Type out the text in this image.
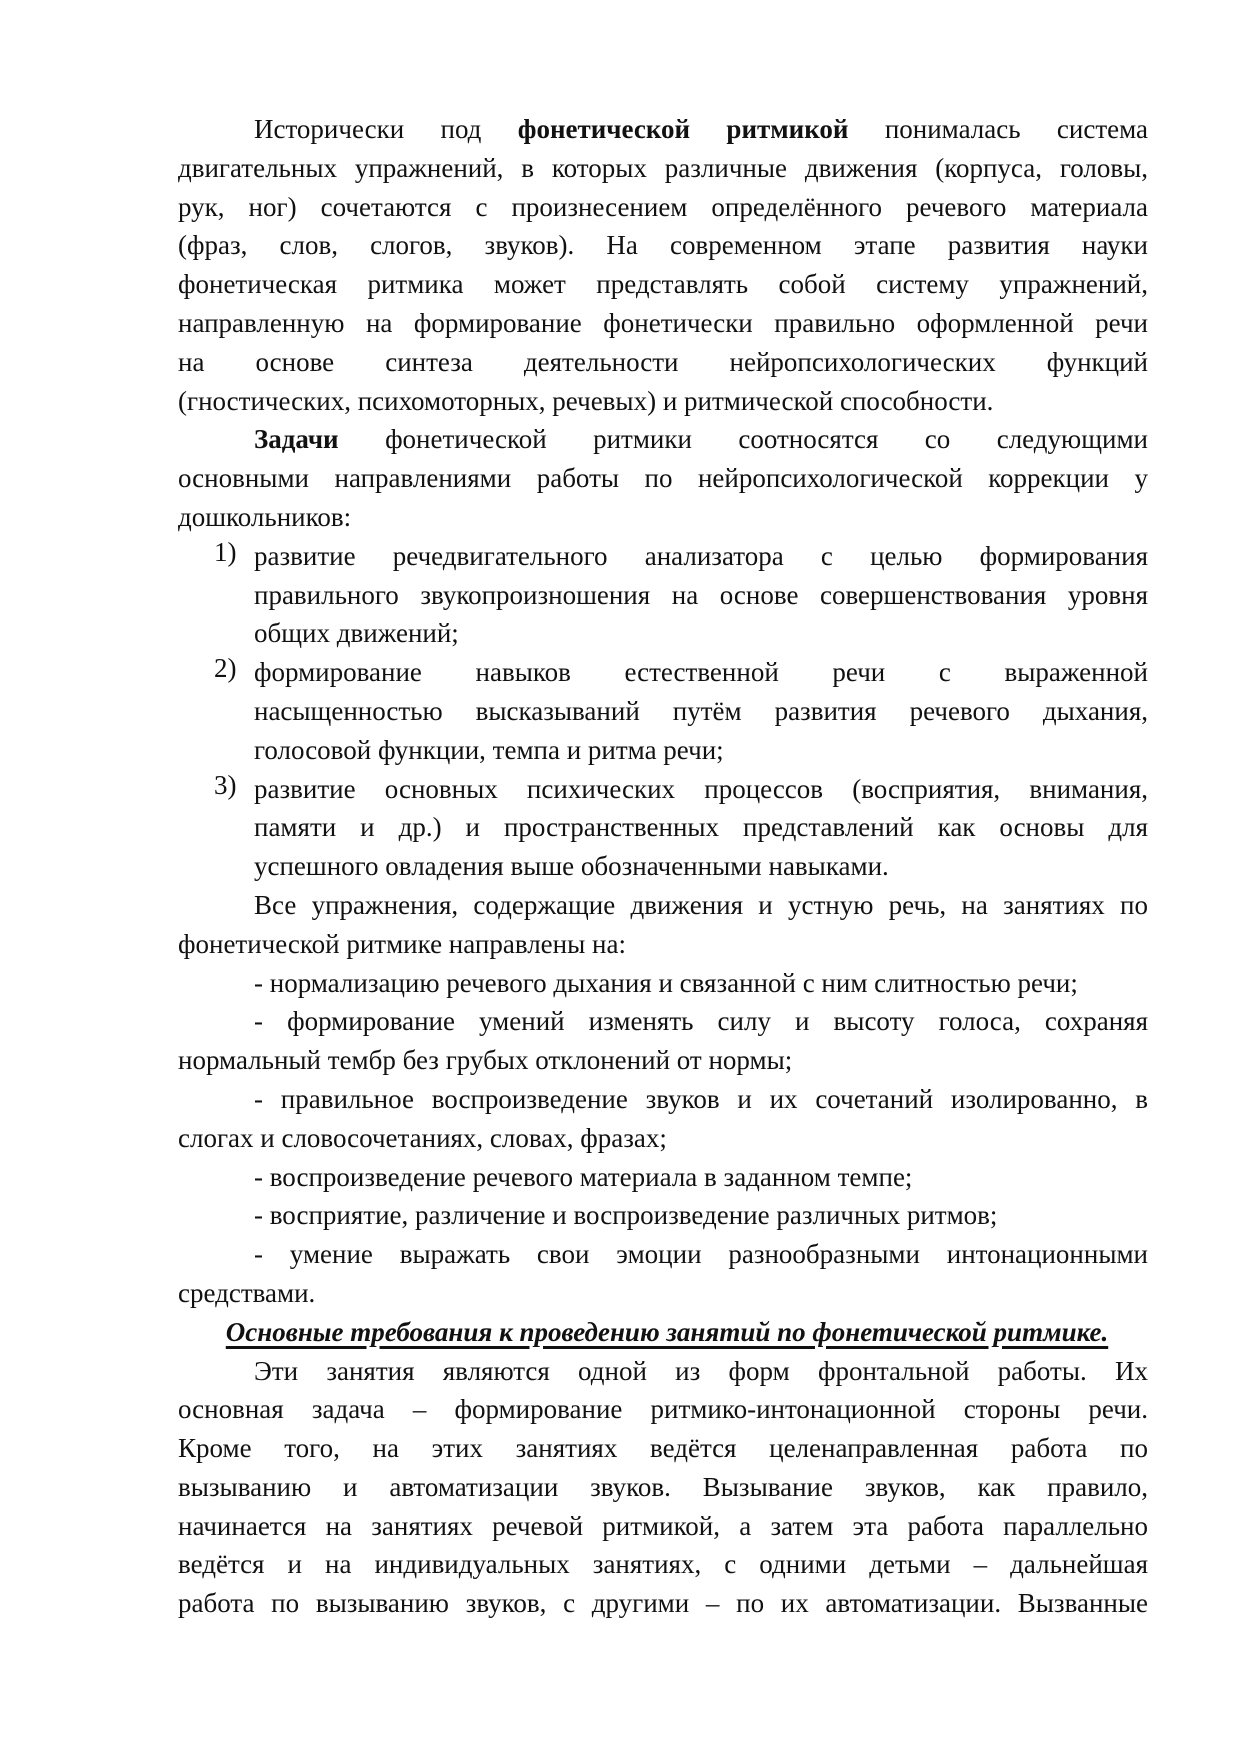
Исторически под фонетической ритмикой понималась система
двигательных упражнений, в которых различные движения (корпуса, головы,
рук, ног) сочетаются с произнесением определённого речевого материала
(фраз, слов, слогов, звуков). На современном этапе развития науки
фонетическая ритмика может представлять собой систему упражнений,
направленную на формирование фонетически правильно оформленной речи
на основе синтеза деятельности нейропсихологических функций
(гностических, психомоторных, речевых) и ритмической способности.
Задачи фонетической ритмики соотносятся со следующими
основными направлениями работы по нейропсихологической коррекции у
дошкольников:
1) развитие речедвигательного анализатора с целью формирования
правильного звукопроизношения на основе совершенствования уровня
общих движений;
2) формирование навыков естественной речи с выраженной
насыщенностью высказываний путём развития речевого дыхания,
голосовой функции, темпа и ритма речи;
3) развитие основных психических процессов (восприятия, внимания,
памяти и др.) и пространственных представлений как основы для
успешного овладения выше обозначенными навыками.
Все упражнения, содержащие движения и устную речь, на занятиях по
фонетической ритмике направлены на:
- нормализацию речевого дыхания и связанной с ним слитностью речи;
- формирование умений изменять силу и высоту голоса, сохраняя
нормальный тембр без грубых отклонений от нормы;
- правильное воспроизведение звуков и их сочетаний изолированно, в
слогах и словосочетаниях, словах, фразах;
- воспроизведение речевого материала в заданном темпе;
- восприятие, различение и воспроизведение различных ритмов;
- умение выражать свои эмоции разнообразными интонационными
средствами.
Основные требования к проведению занятий по фонетической ритмике.
Эти занятия являются одной из форм фронтальной работы. Их
основная задача – формирование ритмико-интонационной стороны речи.
Кроме того, на этих занятиях ведётся целенаправленная работа по
вызыванию и автоматизации звуков. Вызывание звуков, как правило,
начинается на занятиях речевой ритмикой, а затем эта работа параллельно
ведётся и на индивидуальных занятиях, с одними детьми – дальнейшая
работа по вызыванию звуков, с другими – по их автоматизации. Вызванные
